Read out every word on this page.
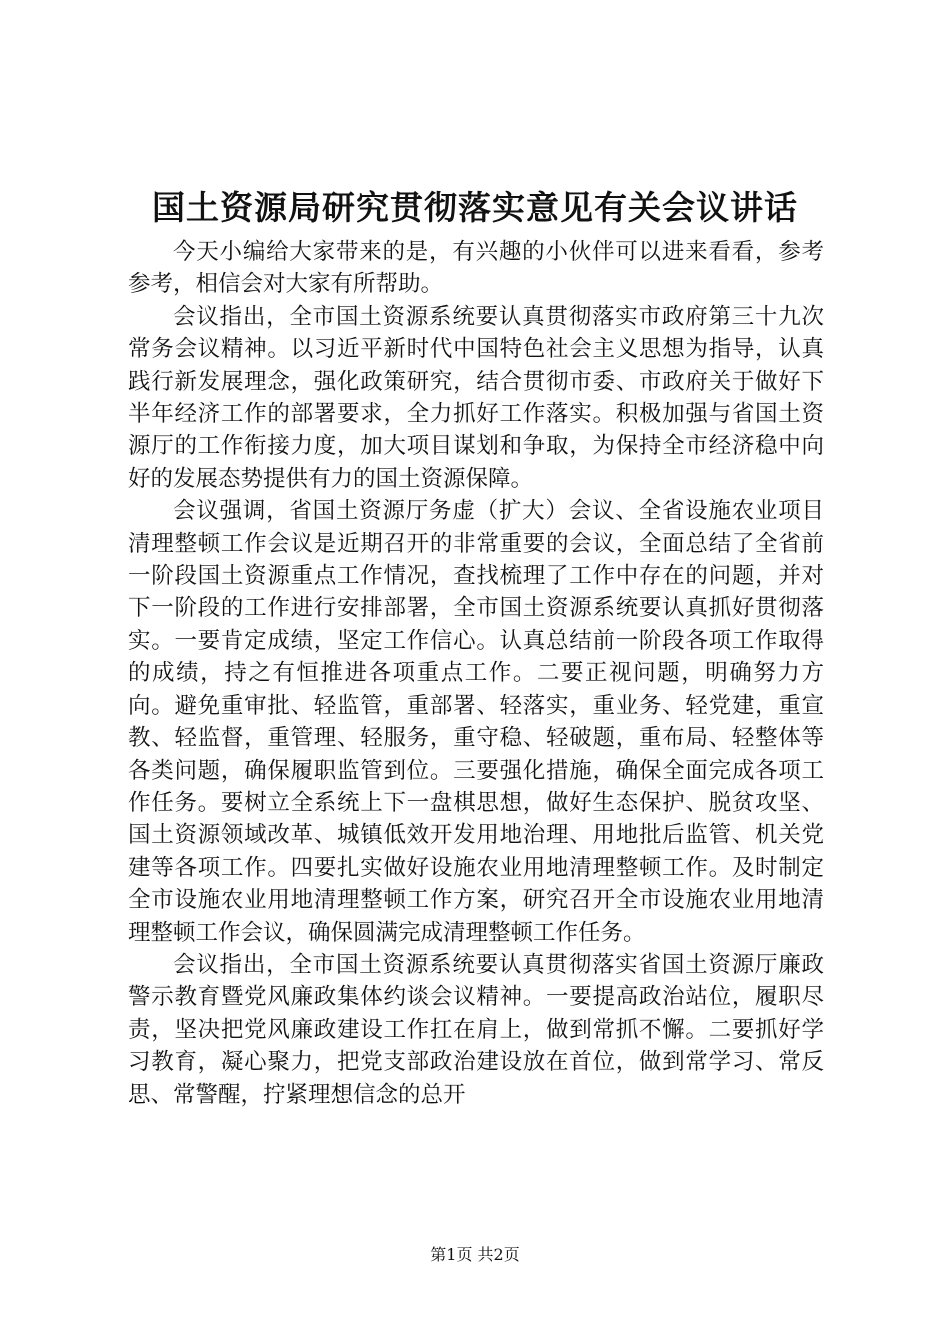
国土资源局研究贯彻落实意见有关会议讲话

今天小编给大家带来的是，有兴趣的小伙伴可以进来看看，参考参考，相信会对大家有所帮助。

会议指出，全市国土资源系统要认真贯彻落实市政府第三十九次常务会议精神。以习近平新时代中国特色社会主义思想为指导，认真践行新发展理念，强化政策研究，结合贯彻市委、市政府关于做好下半年经济工作的部署要求，全力抓好工作落实。积极加强与省国土资源厅的工作衔接力度，加大项目谋划和争取，为保持全市经济稳中向好的发展态势提供有力的国土资源保障。

会议强调，省国土资源厅务虚（扩大）会议、全省设施农业项目清理整顿工作会议是近期召开的非常重要的会议，全面总结了全省前一阶段国土资源重点工作情况，查找梳理了工作中存在的问题，并对下一阶段的工作进行安排部署，全市国土资源系统要认真抓好贯彻落实。一要肯定成绩，坚定工作信心。认真总结前一阶段各项工作取得的成绩，持之有恒推进各项重点工作。二要正视问题，明确努力方向。避免重审批、轻监管，重部署、轻落实，重业务、轻党建，重宣教、轻监督，重管理、轻服务，重守稳、轻破题，重布局、轻整体等各类问题，确保履职监管到位。三要强化措施，确保全面完成各项工作任务。要树立全系统上下一盘棋思想，做好生态保护、脱贫攻坚、国土资源领域改革、城镇低效开发用地治理、用地批后监管、机关党建等各项工作。四要扎实做好设施农业用地清理整顿工作。及时制定全市设施农业用地清理整顿工作方案，研究召开全市设施农业用地清理整顿工作会议，确保圆满完成清理整顿工作任务。

会议指出，全市国土资源系统要认真贯彻落实省国土资源厅廉政警示教育暨党风廉政集体约谈会议精神。一要提高政治站位，履职尽责，坚决把党风廉政建设工作扛在肩上，做到常抓不懈。二要抓好学习教育，凝心聚力，把党支部政治建设放在首位，做到常学习、常反思、常警醒，拧紧理想信念的总开

第1页 共2页
